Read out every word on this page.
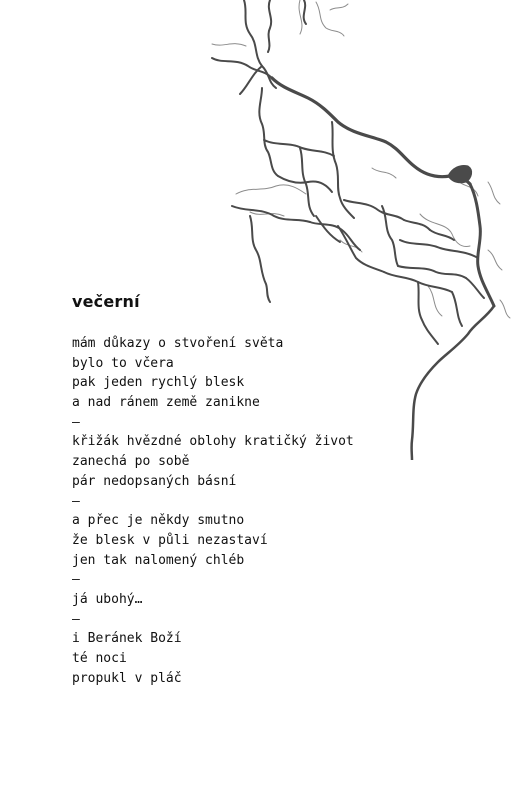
večerní
mám důkazy o stvoření světa
bylo to včera
pak jeden rychlý blesk
a nad ránem země zanikne
–
křižák hvězdné oblohy kratičký život
zanechá po sobě
pár nedopsaných básní
–
a přec je někdy smutno
že blesk v půli nezastaví
jen tak nalomený chléb
–
já ubohý…
–
i Beránek Boží
té noci
propukl v pláč
